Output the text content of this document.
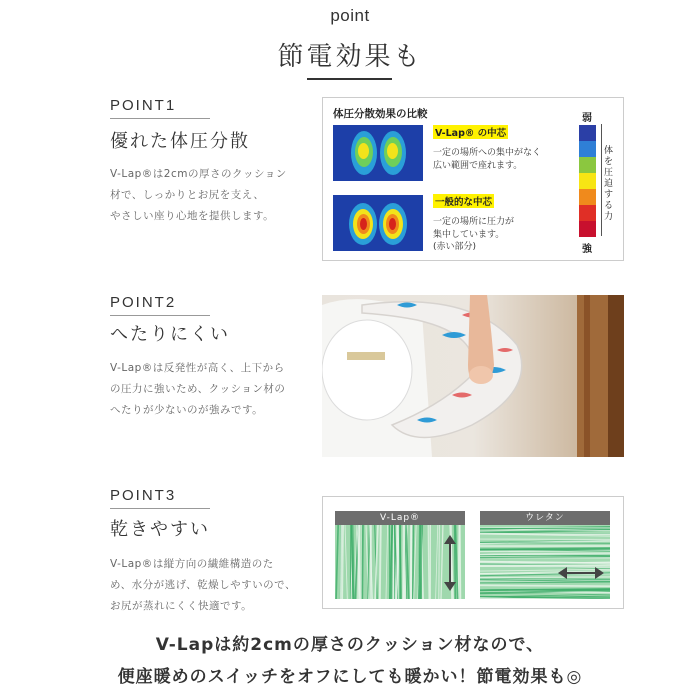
point
節電効果も
POINT1
優れた体圧分散
V-Lap®は2cmの厚さのクッション
材で、しっかりとお尻を支え、
やさしい座り心地を提供します。
体圧分散効果の比較
V-Lap® の中芯
一定の場所への集中がなく
広い範囲で座れます。
一般的な中芯
一定の場所に圧力が
集中しています。
(赤い部分)
弱
体を圧迫する力
強
POINT2
へたりにくい
V-Lap®は反発性が高く、上下から
の圧力に強いため、クッション材の
へたりが少ないのが強みです。
POINT3
乾きやすい
V-Lap®は縦方向の繊維構造のた
め、水分が逃げ、乾燥しやすいので、
お尻が蒸れにくく快適です。
V-Lap®	ウレタン
V-Lapは約2cmの厚さのクッション材なので、
便座暖めのスイッチをオフにしても暖かい！節電効果も◎
